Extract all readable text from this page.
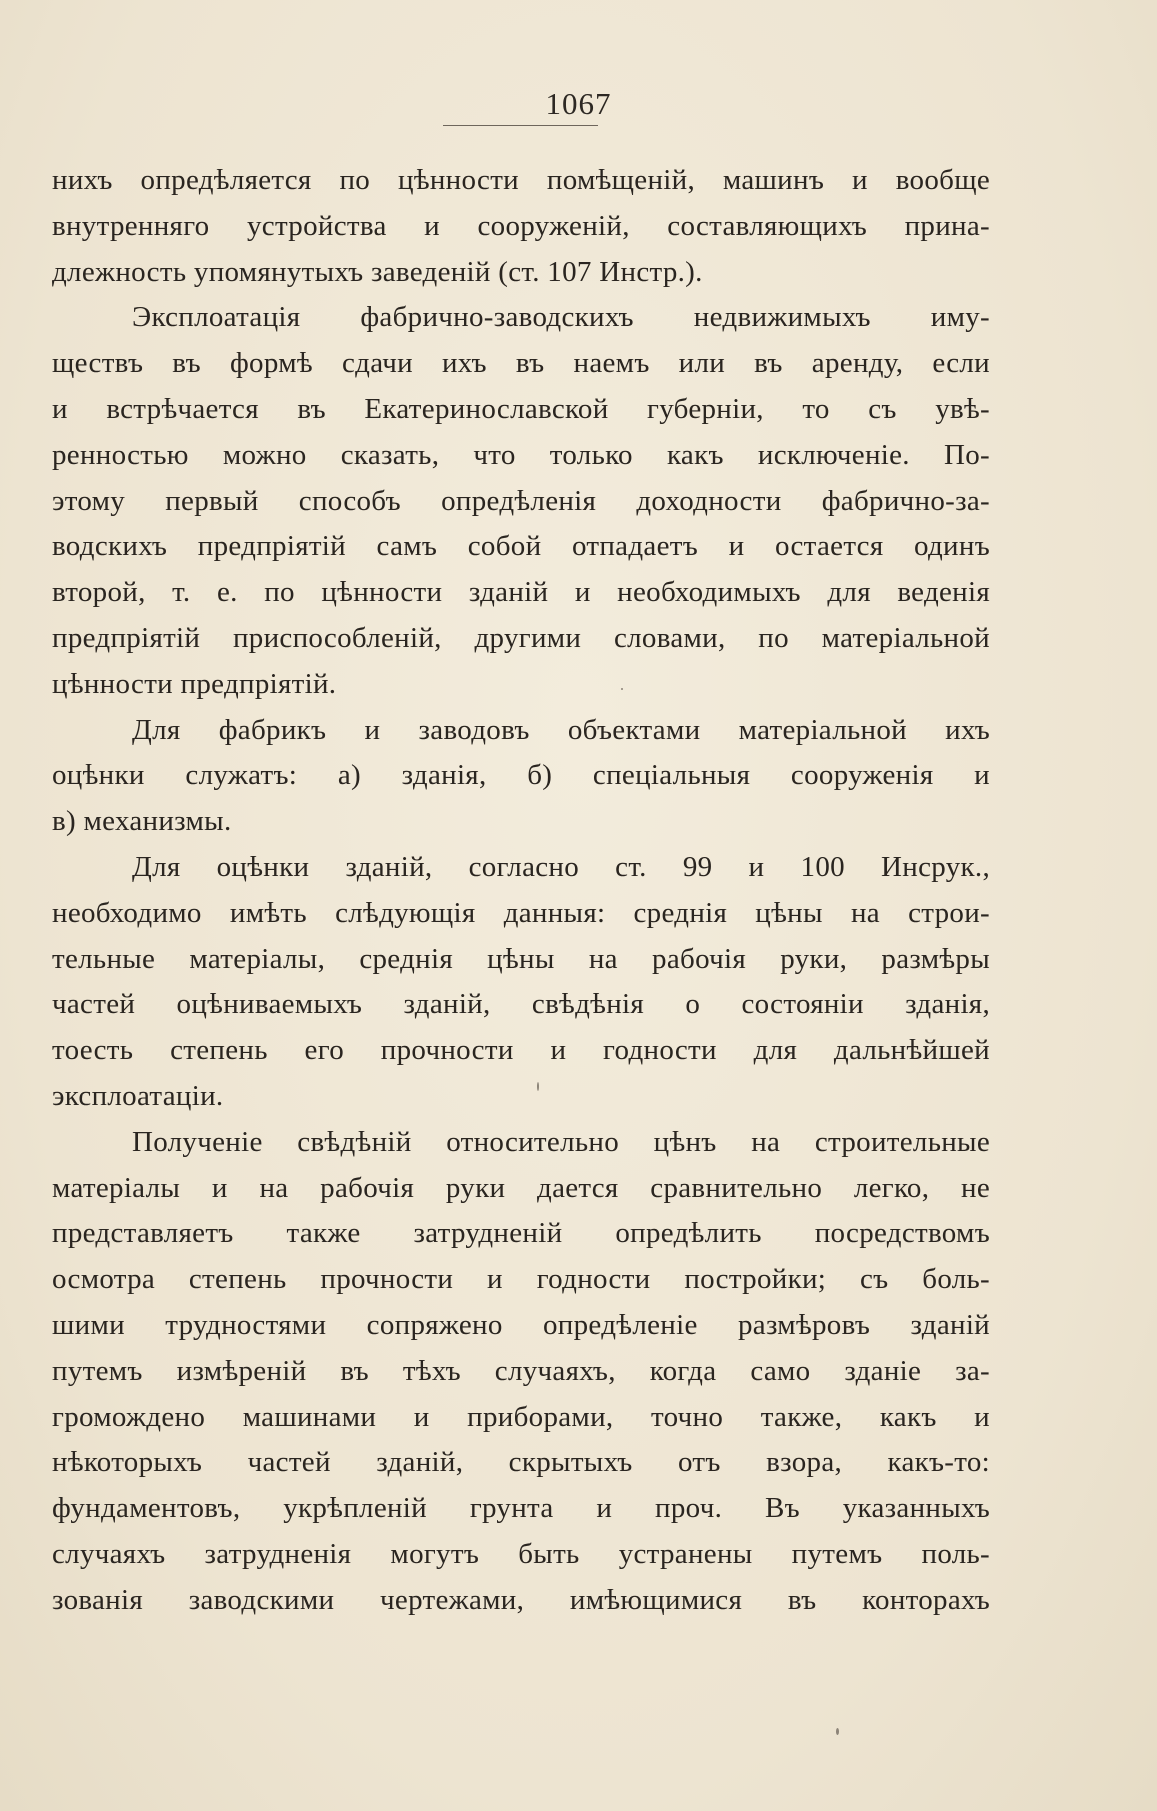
1067
нихъ опредѣляется по цѣнности помѣщеній, машинъ и вообще
внутренняго устройства и сооруженій, составляющихъ прина-
длежность упомянутыхъ заведеній (ст. 107 Инстр.).
Эксплоатація фабрично-заводскихъ недвижимыхъ иму-
ществъ въ формѣ сдачи ихъ въ наемъ или въ аренду, если
и встрѣчается въ Екатеринославской губерніи, то съ увѣ-
ренностью можно сказать, что только какъ исключеніе. По-
этому первый способъ опредѣленія доходности фабрично-за-
водскихъ предпріятій самъ собой отпадаетъ и остается одинъ
второй, т. е. по цѣнности зданій и необходимыхъ для веденія
предпріятій приспособленій, другими словами, по матеріальной
цѣнности предпріятій.
Для фабрикъ и заводовъ объектами матеріальной ихъ
оцѣнки служатъ: а) зданія, б) спеціальныя сооруженія и
в) механизмы.
Для оцѣнки зданій, согласно ст. 99 и 100 Инсрук.,
необходимо имѣть слѣдующія данныя: среднія цѣны на строи-
тельные матеріалы, среднія цѣны на рабочія руки, размѣры
частей оцѣниваемыхъ зданій, свѣдѣнія о состояніи зданія,
тоесть степень его прочности и годности для дальнѣйшей
эксплоатаціи.
Полученіе свѣдѣній относительно цѣнъ на строительные
матеріалы и на рабочія руки дается сравнительно легко, не
представляетъ также затрудненій опредѣлить посредствомъ
осмотра степень прочности и годности постройки; съ боль-
шими трудностями сопряжено опредѣленіе размѣровъ зданій
путемъ измѣреній въ тѣхъ случаяхъ, когда само зданіе за-
громождено машинами и приборами, точно также, какъ и
нѣкоторыхъ частей зданій, скрытыхъ отъ взора, какъ-то:
фундаментовъ, укрѣпленій грунта и проч. Въ указанныхъ
случаяхъ затрудненія могутъ быть устранены путемъ поль-
зованія заводскими чертежами, имѣющимися въ конторахъ
